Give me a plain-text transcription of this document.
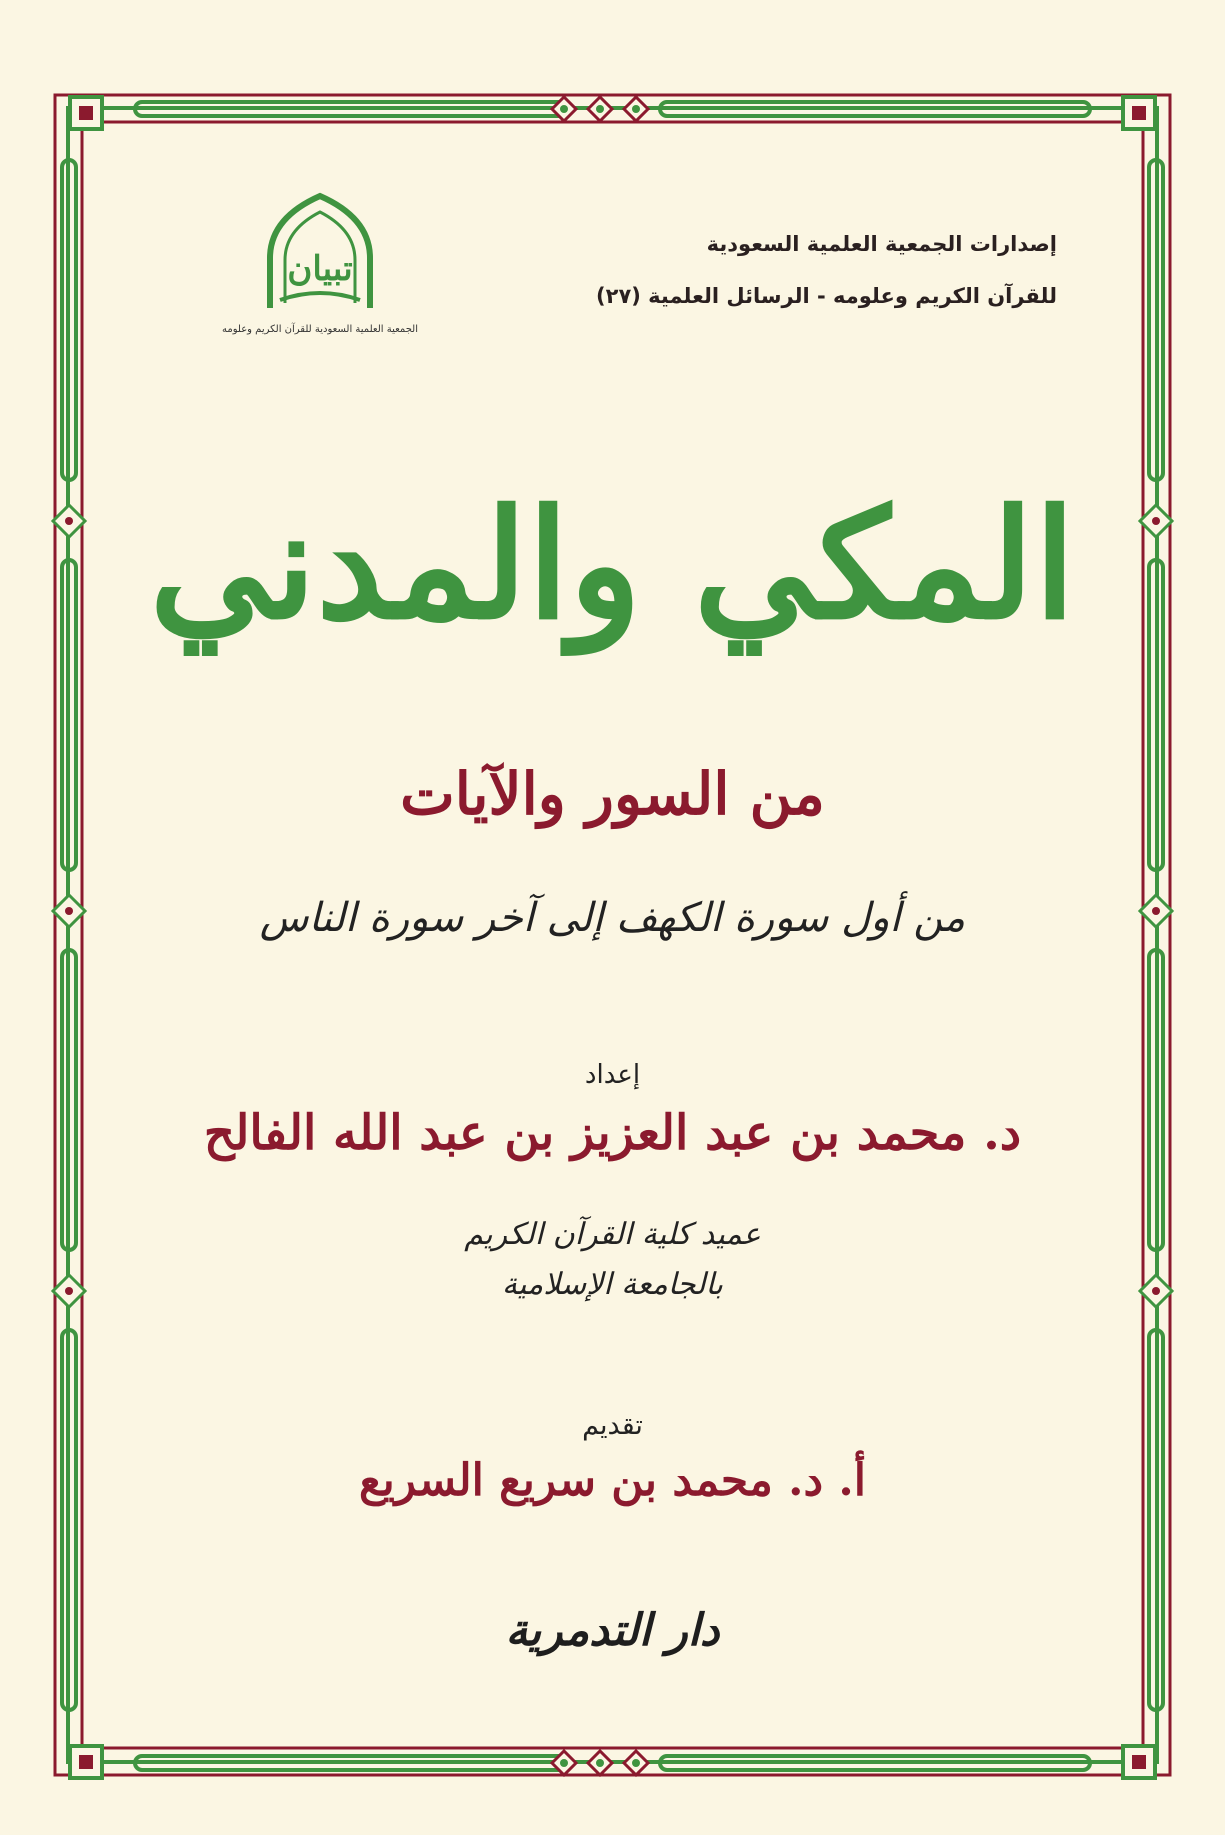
تبيان
الجمعية العلمية السعودية للقرآن الكريم وعلومه
إصدارات الجمعية العلمية السعودية
للقرآن الكريم وعلومه - الرسائل العلمية (٢٧)
المكي والمدني
من السور والآيات
من أول سورة الكهف إلى آخر سورة الناس
إعداد
د. محمد بن عبد العزيز بن عبد الله الفالح
عميد كلية القرآن الكريم
بالجامعة الإسلامية
تقديم
أ. د. محمد بن سريع السريع
دار التدمرية
